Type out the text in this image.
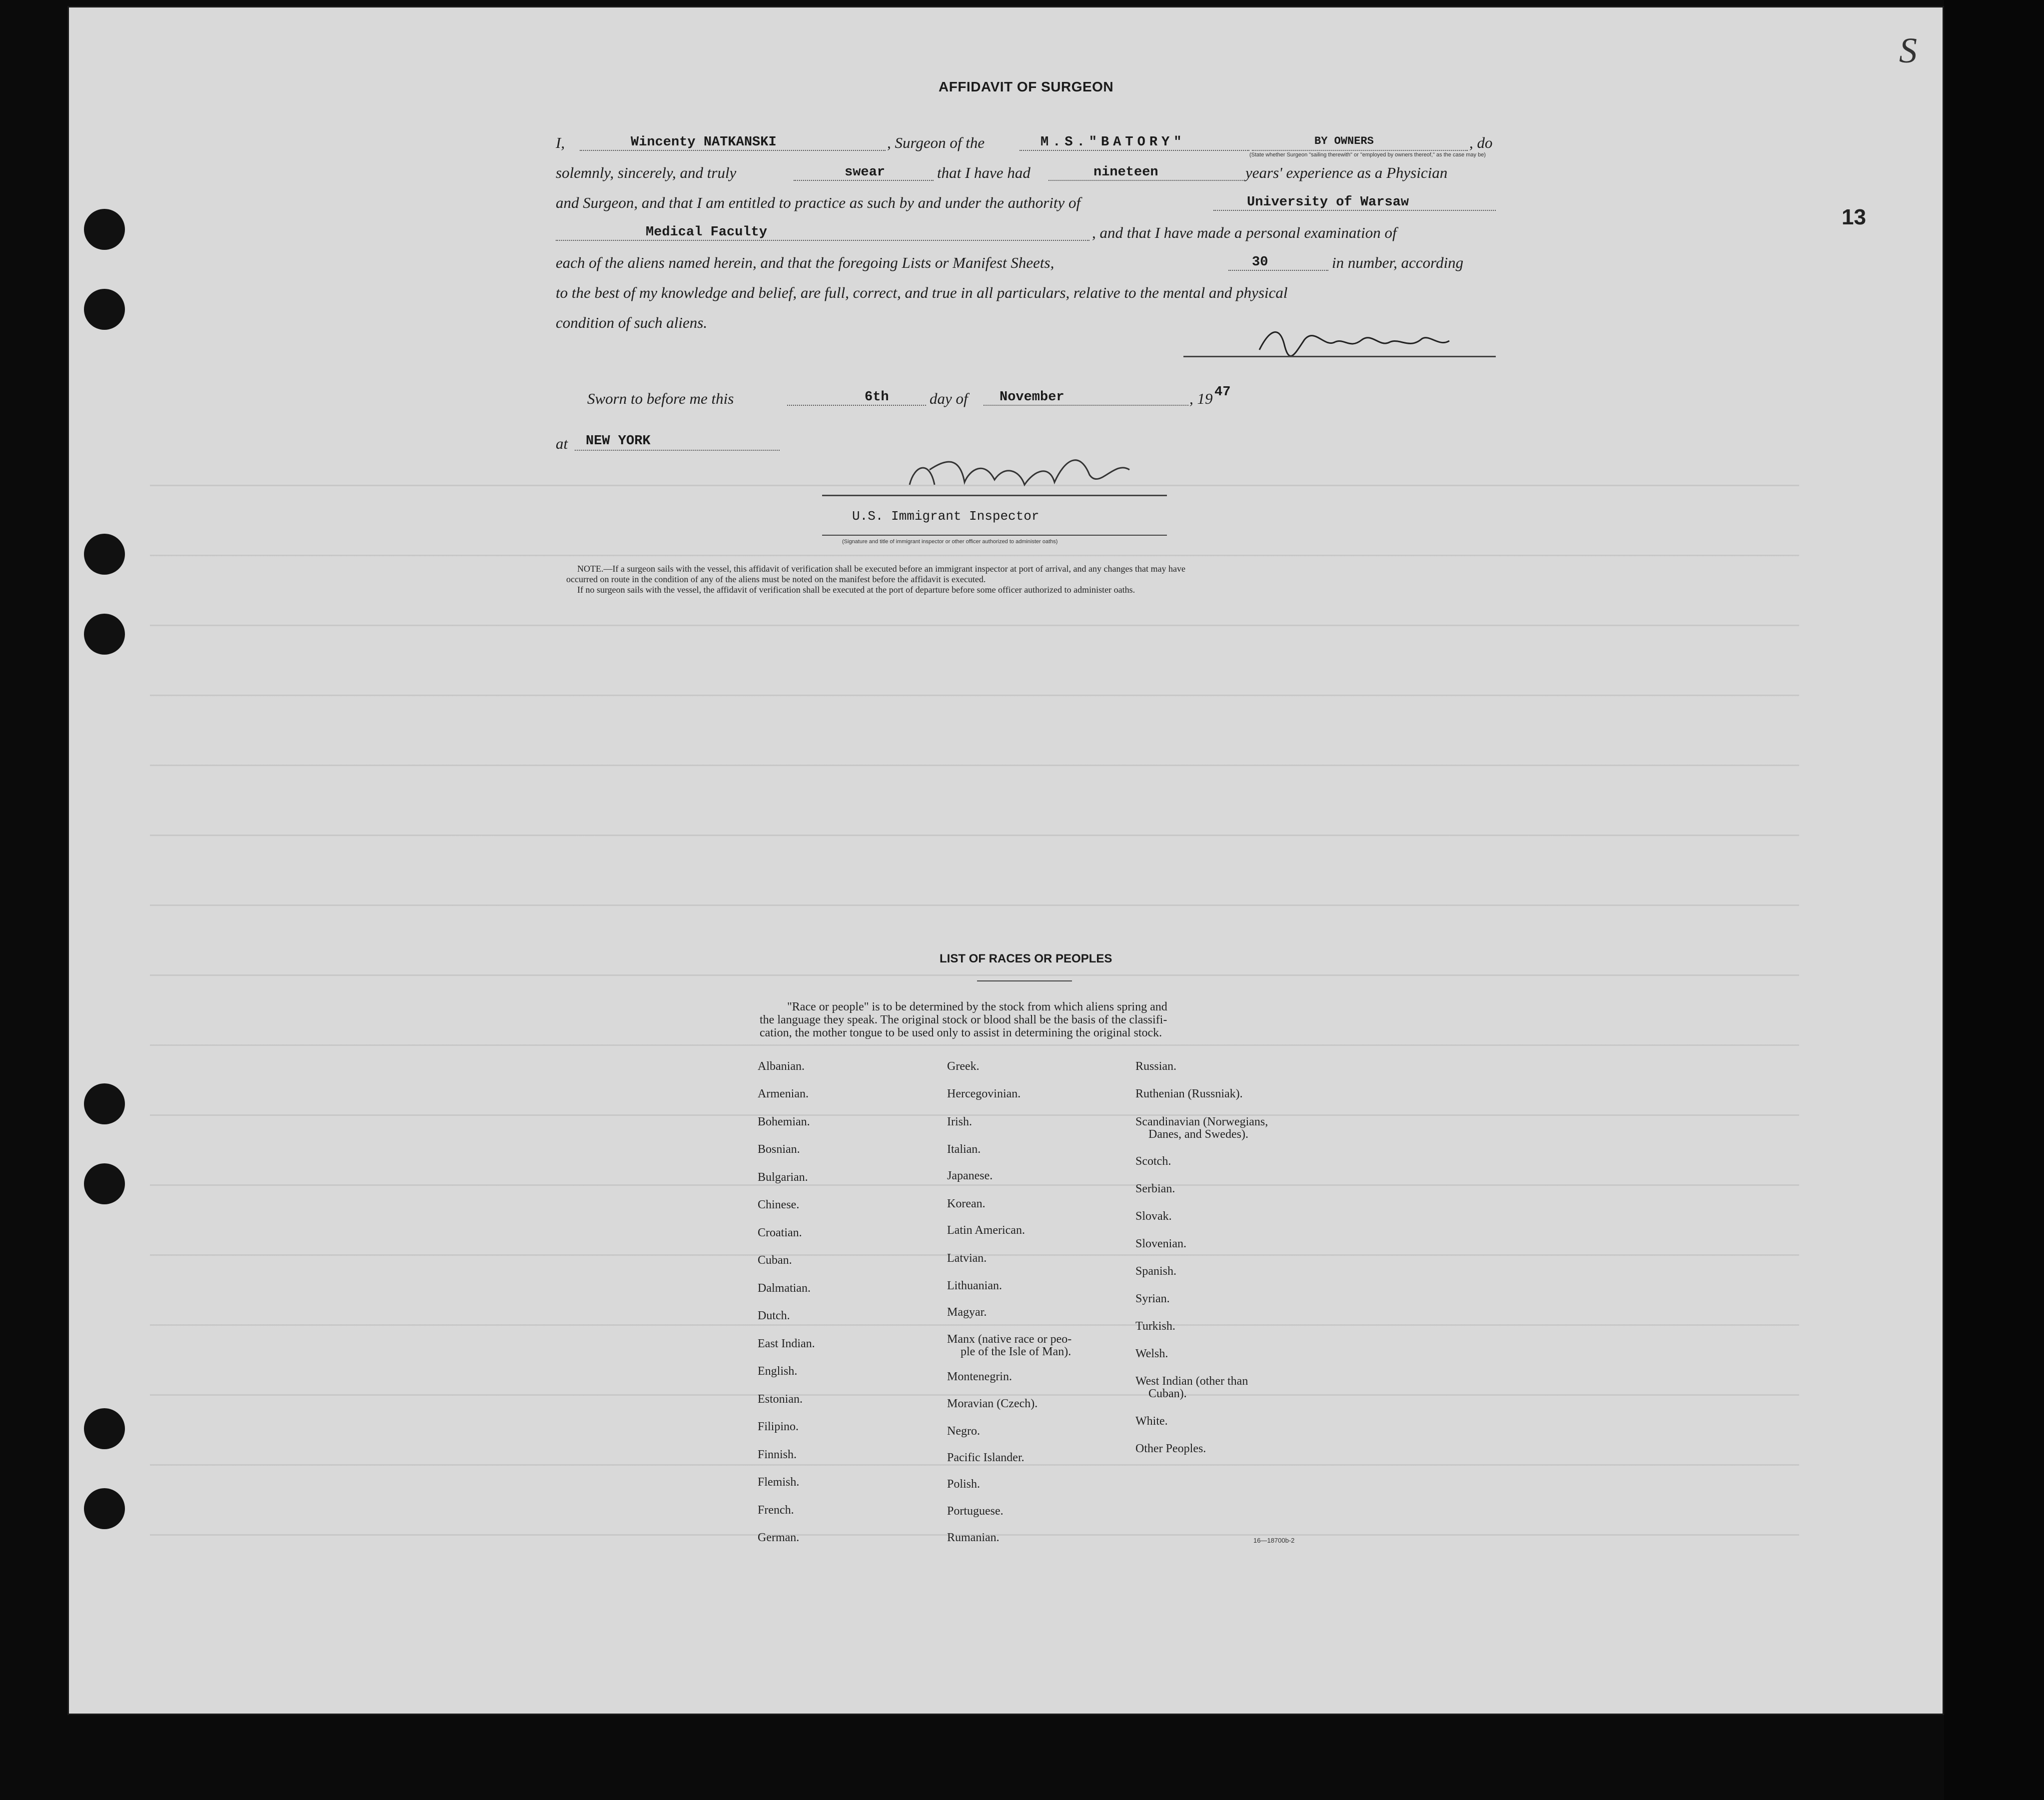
S
13
AFFIDAVIT OF SURGEON
I,	Wincenty NATKANSKI	, Surgeon of the	M.S."BATORY"	BY OWNERS	, do
(State whether Surgeon "sailing therewith" or "employed by owners thereof," as the case may be)
solemnly, sincerely, and truly	swear	that I have had	nineteen	years' experience as a Physician
and Surgeon, and that I am entitled to practice as such by and under the authority of	University of Warsaw
Medical Faculty	, and that I have made a personal examination of
each of the aliens named herein, and that the foregoing Lists or Manifest Sheets,	30	in number, according
to the best of my knowledge and belief, are full, correct, and true in all particulars, relative to the mental and physical
condition of such aliens.
Sworn to before me this	6th	day of November	, 19 47
at NEW YORK
U.S. Immigrant Inspector
(Signature and title of immigrant inspector or other officer authorized to administer oaths)
NOTE.—If a surgeon sails with the vessel, this affidavit of verification shall be executed before an immigrant inspector at port of arrival, and any changes that may have
occurred on route in the condition of any of the aliens must be noted on the manifest before the affidavit is executed.
If no surgeon sails with the vessel, the affidavit of verification shall be executed at the port of departure before some officer authorized to administer oaths.
LIST OF RACES OR PEOPLES
"Race or people" is to be determined by the stock from which aliens spring and
the language they speak. The original stock or blood shall be the basis of the classifi-
cation, the mother tongue to be used only to assist in determining the original stock.
Albanian.
Armenian.
Bohemian.
Bosnian.
Bulgarian.
Chinese.
Croatian.
Cuban.
Dalmatian.
Dutch.
East Indian.
English.
Estonian.
Filipino.
Finnish.
Flemish.
French.
German.
Greek.
Hercegovinian.
Irish.
Italian.
Japanese.
Korean.
Latin American.
Latvian.
Lithuanian.
Magyar.
Manx (native race or peo-
ple of the Isle of Man).
Montenegrin.
Moravian (Czech).
Negro.
Pacific Islander.
Polish.
Portuguese.
Rumanian.
Russian.
Ruthenian (Russniak).
Scandinavian (Norwegians,
Danes, and Swedes).
Scotch.
Serbian.
Slovak.
Slovenian.
Spanish.
Syrian.
Turkish.
Welsh.
West Indian (other than
Cuban).
White.
Other Peoples.
16—18700b-2
